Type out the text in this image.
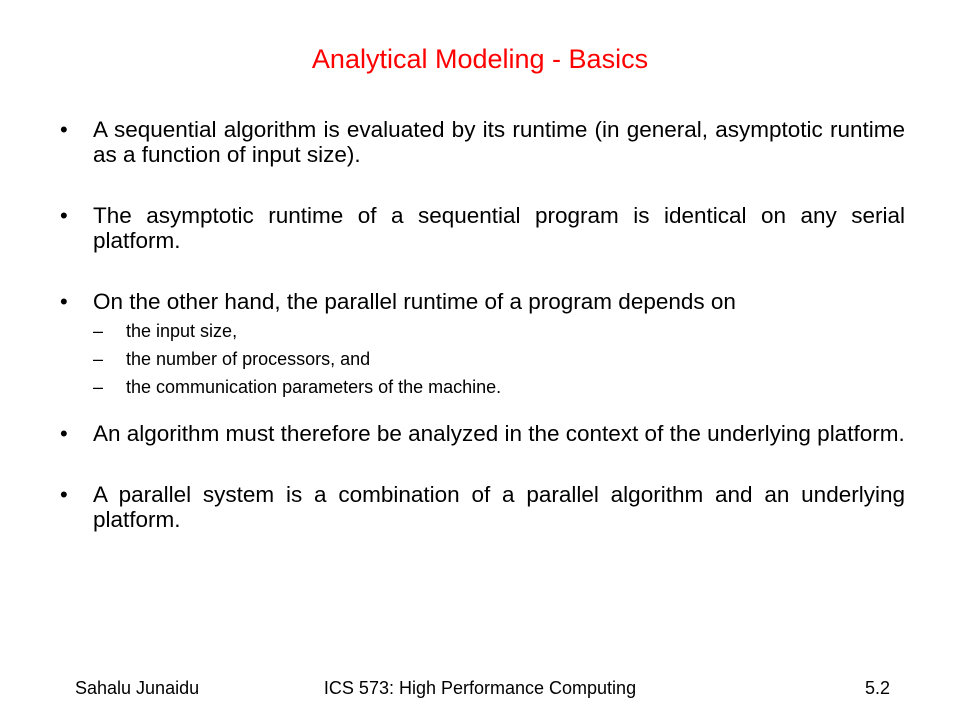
Analytical Modeling - Basics
• A sequential algorithm is evaluated by its runtime (in general, asymptotic runtime as a function of input size).
• The asymptotic runtime of a sequential program is identical on any serial platform.
• On the other hand, the parallel runtime of a program depends on
– the input size,
– the number of processors, and
– the communication parameters of the machine.
• An algorithm must therefore be analyzed in the context of the underlying platform.
• A parallel system is a combination of a parallel algorithm and an underlying platform.
Sahalu Junaidu	ICS 573: High Performance Computing	5.2
